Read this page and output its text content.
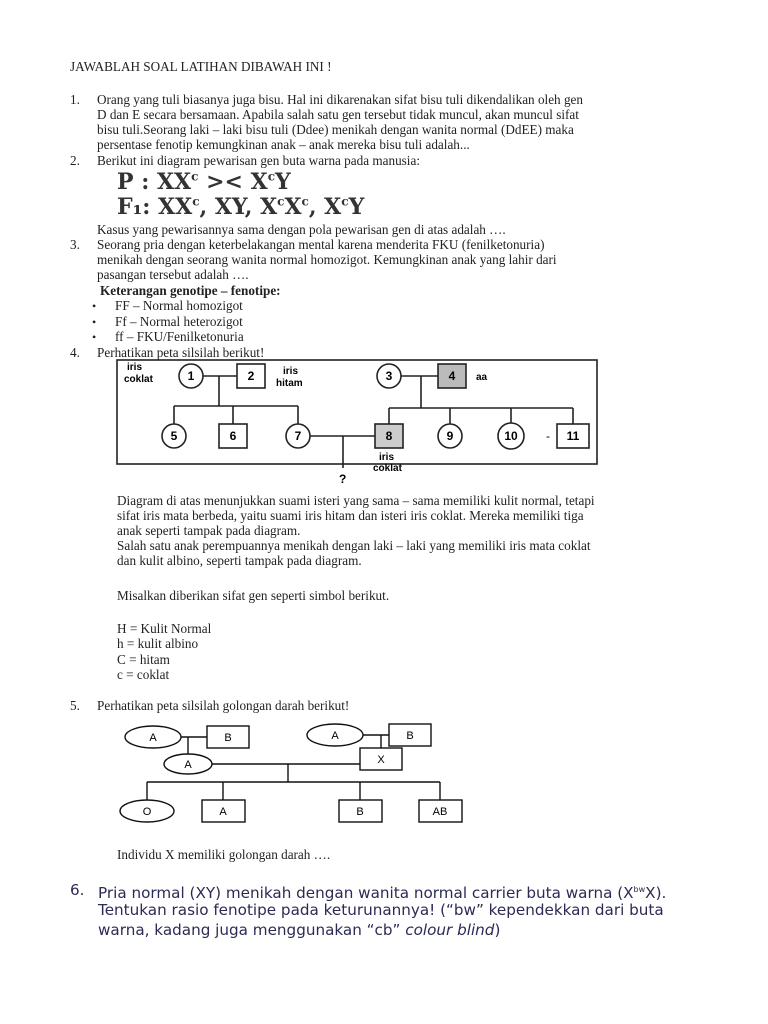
JAWABLAH SOAL LATIHAN DIBAWAH INI !
1. Orang yang tuli biasanya juga bisu. Hal ini dikarenakan sifat bisu tuli dikendalikan oleh gen
D dan E secara bersamaan. Apabila salah satu gen tersebut tidak muncul, akan muncul sifat
bisu tuli.Seorang laki – laki bisu tuli (Ddee) menikah dengan wanita normal (DdEE) maka
persentase fenotip kemungkinan anak – anak mereka bisu tuli adalah...
2. Berikut ini diagram pewarisan gen buta warna pada manusia:
P : $XX^c >< X^cY$
F₁: $XX^c$, XY, $X^cX^c$, $X^cY$
Kasus yang pewarisannya sama dengan pola pewarisan gen di atas adalah ….
3. Seorang pria dengan keterbelakangan mental karena menderita FKU (fenilketonuria)
menikah dengan seorang wanita normal homozigot. Kemungkinan anak yang lahir dari
pasangan tersebut adalah ….
Keterangan genotipe – fenotipe:
• FF – Normal homozigot
• Ff – Normal heterozigot
• ff – FKU/Fenilketonuria
4. Perhatikan peta silsilah berikut!
1	2
iris
coklat
iris
hitam
3	4 aa
5	6	7	8
iris
coklat
9	10 - 11
?
Diagram di atas menunjukkan suami isteri yang sama – sama memiliki kulit normal, tetapi
sifat iris mata berbeda, yaitu suami iris hitam dan isteri iris coklat. Mereka memiliki tiga
anak seperti tampak pada diagram.
Salah satu anak perempuannya menikah dengan laki – laki yang memiliki iris mata coklat
dan kulit albino, seperti tampak pada diagram.
Misalkan diberikan sifat gen seperti simbol berikut.
H = Kulit Normal
h = kulit albino
C = hitam
c = coklat
5. Perhatikan peta silsilah golongan darah berikut!
A	B	A	B
A	X
O	A	B	AB
Individu X memiliki golongan darah ….
6. Pria normal (XY) menikah dengan wanita normal carrier buta warna $(X^{bw}X)$.
Tentukan rasio fenotipe pada keturunannya! (“bw” kependekkan dari buta
warna, kadang juga menggunakan “cb” colour blind)
